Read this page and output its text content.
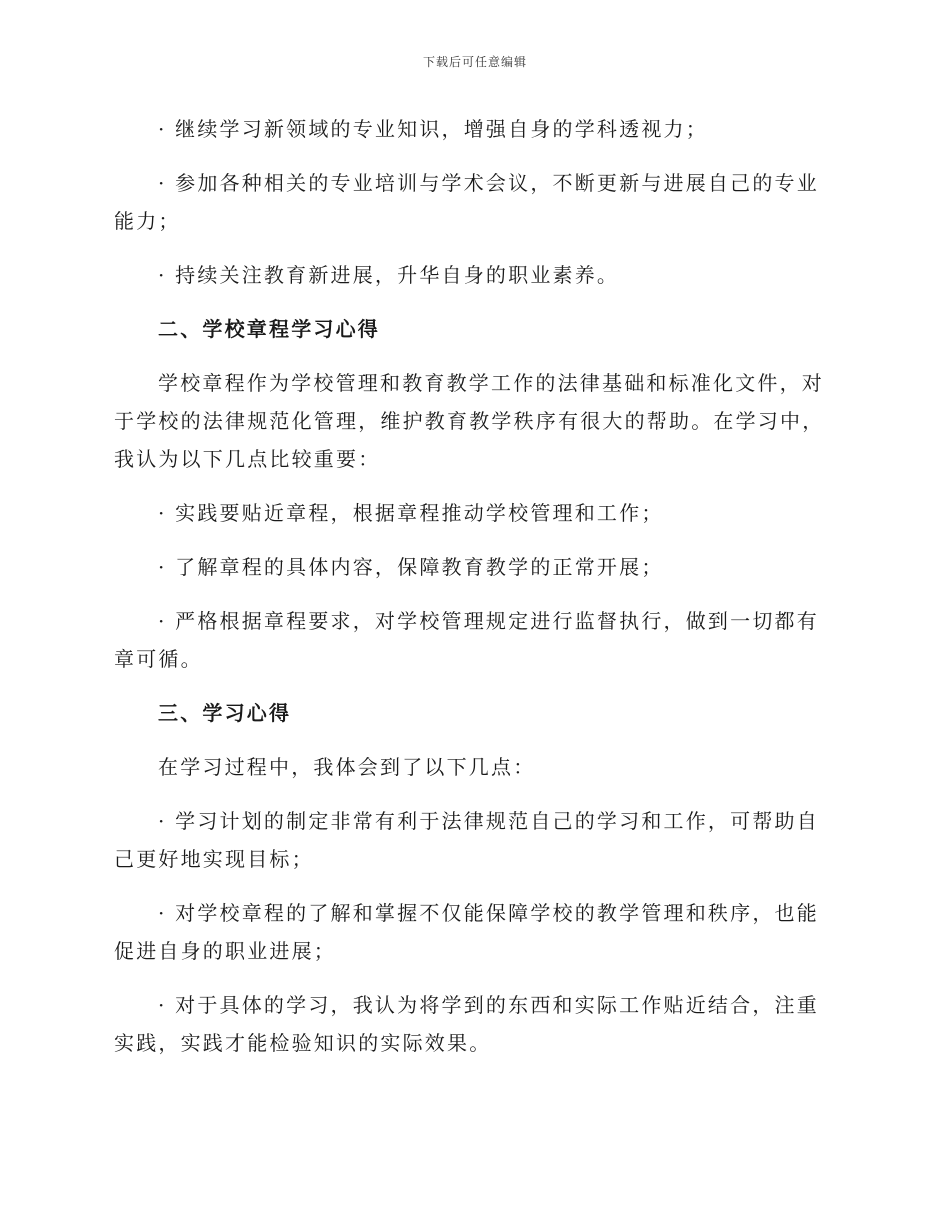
下载后可任意编辑

· 继续学习新领域的专业知识，增强自身的学科透视力；

· 参加各种相关的专业培训与学术会议，不断更新与进展自己的专业能力；

· 持续关注教育新进展，升华自身的职业素养。

二、学校章程学习心得

学校章程作为学校管理和教育教学工作的法律基础和标准化文件，对于学校的法律规范化管理，维护教育教学秩序有很大的帮助。在学习中，我认为以下几点比较重要：

· 实践要贴近章程，根据章程推动学校管理和工作；

· 了解章程的具体内容，保障教育教学的正常开展；

· 严格根据章程要求，对学校管理规定进行监督执行，做到一切都有章可循。

三、学习心得

在学习过程中，我体会到了以下几点：

· 学习计划的制定非常有利于法律规范自己的学习和工作，可帮助自己更好地实现目标；

· 对学校章程的了解和掌握不仅能保障学校的教学管理和秩序，也能促进自身的职业进展；

· 对于具体的学习，我认为将学到的东西和实际工作贴近结合，注重实践，实践才能检验知识的实际效果。
